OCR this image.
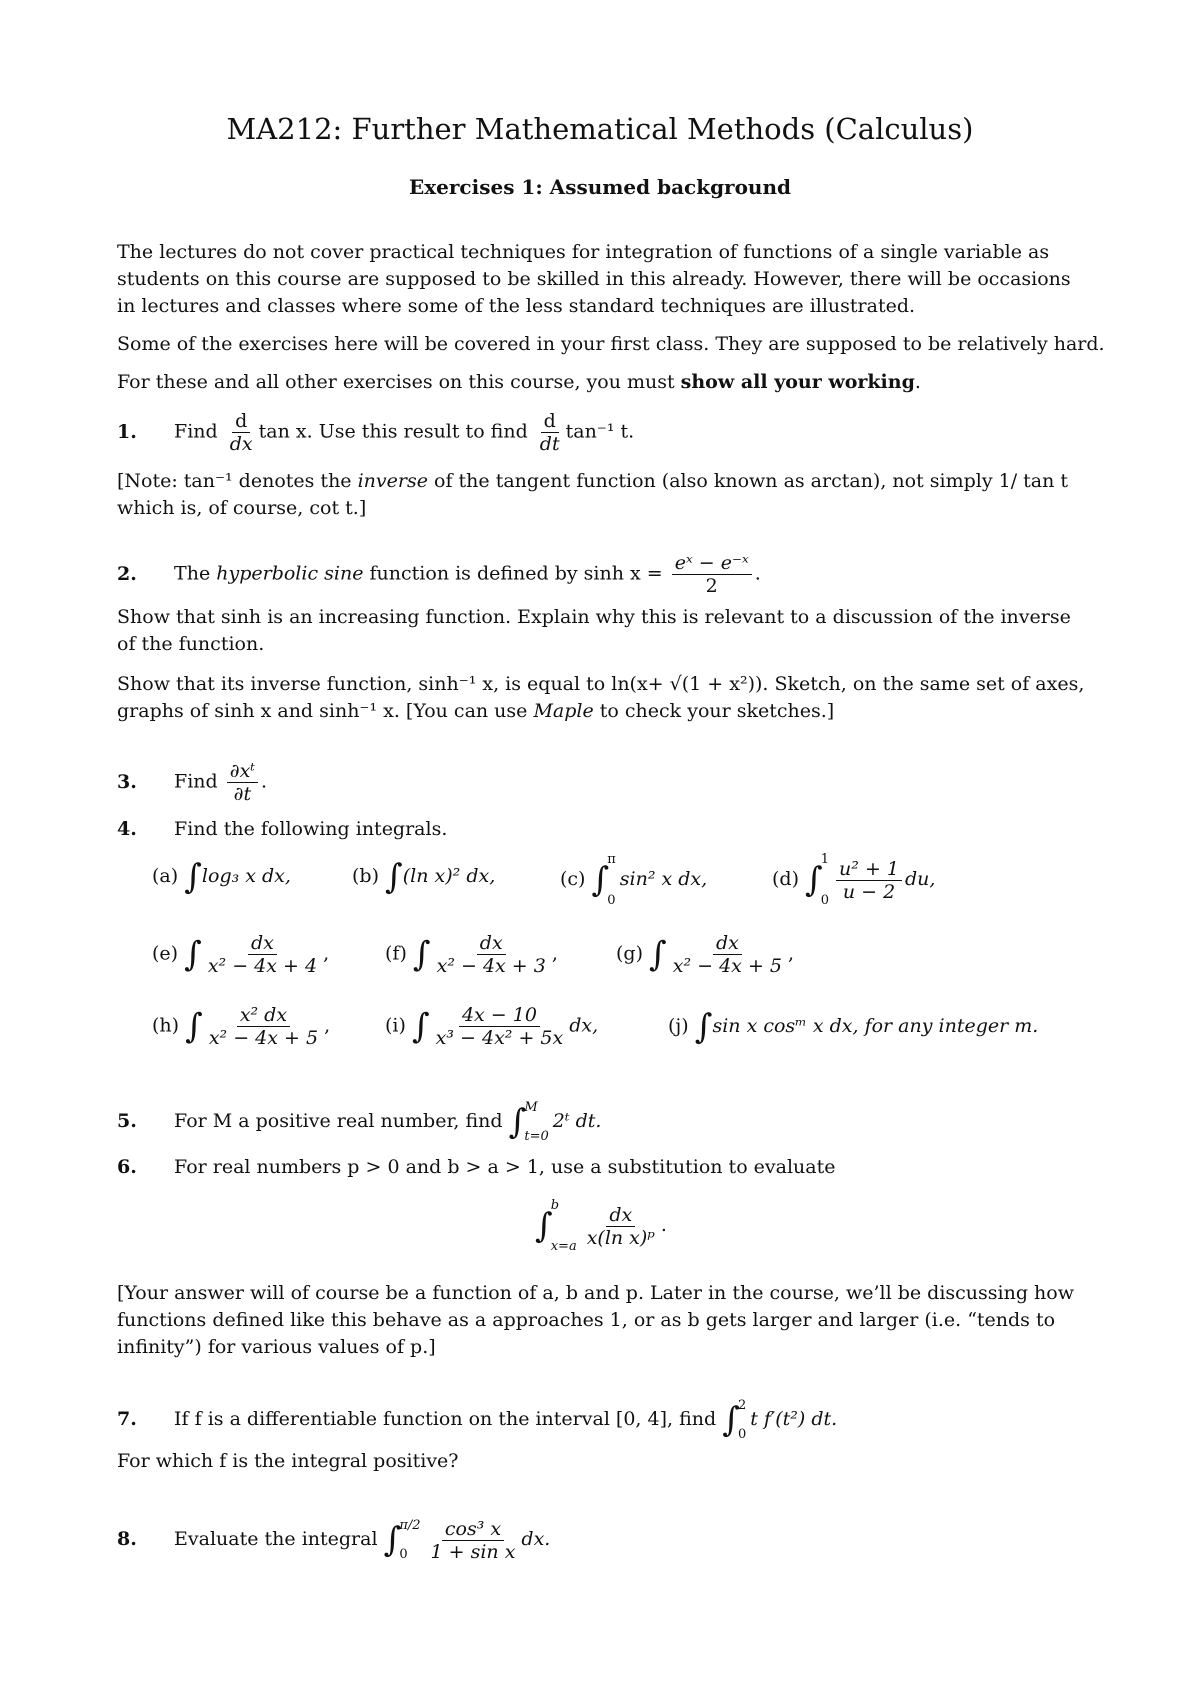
MA212: Further Mathematical Methods (Calculus)
Exercises 1: Assumed background
The lectures do not cover practical techniques for integration of functions of a single variable as
students on this course are supposed to be skilled in this already. However, there will be occasions
in lectures and classes where some of the less standard techniques are illustrated.
Some of the exercises here will be covered in your first class. They are supposed to be relatively hard.
For these and all other exercises on this course, you must show all your working.
1. Find $\frac{d}{dx}$ tan x. Use this result to find $\frac{d}{dt} \tan^{-1}$ t.
[Note: tan⁻¹ denotes the inverse of the tangent function (also known as arctan), not simply 1/ tan t
which is, of course, cot t.]
2. The hyperbolic sine function is defined by $\sinh x = \frac{\text{eˣ − e⁻ˣ}}{2}$ .
Show that sinh is an increasing function. Explain why this is relevant to a discussion of the inverse
of the function.
Show that its inverse function, sinh⁻¹ x, is equal to ln(x+ √(1 + x²)). Sketch, on the same set of axes,
graphs of sinh x and sinh⁻¹ x. [You can use Maple to check your sketches.]
3. Find $\frac{\text{∂xᵗ}}{\partial t}$ .
4. Find the following integrals.
(a) ∫log₃ x dx,	(b) ∫(ln x)² dx,	(c) ∫
π
0
sin² x dx,	(d) ∫
1
$0 \frac{\text{u² + 1}}{u - 2}$ du,
(e) ∫ $\frac{dx}{\text{x² − 4x + 4}}$ ,	(f) ∫ $\frac{dx}{\text{x² − 4x + 3}}$ ,	(g) ∫ $\frac{dx}{\text{x² − 4x + 5}}$ ,
(h) ∫ $\frac{\text{x² dx}}{\text{x² − 4x + 5}}$ ,	(i) ∫ $\frac{4x - 10}{\text{x³ − 4x² + 5x}}$ dx,	(j) ∫sin x cosᵐ x dx, for any integer m.
5. For M a positive real number, find ∫
M
t=0
2ᵗ dt.
6. For real numbers p > 0 and b > a > 1, use a substitution to evaluate
∫
b
$x=a \frac{dx}{\text{x(ln x)ᵖ}}$ .
[Your answer will of course be a function of a, b and p. Later in the course, we’ll be discussing how
functions defined like this behave as a approaches 1, or as b gets larger and larger (i.e. “tends to
infinity”) for various values of p.]
7. If f is a differentiable function on the interval [0, 4], find ∫
2
0
t f′(t²) dt.
For which f is the integral positive?
8. Evaluate the integral ∫
π/2
0	$\frac{\text{cos³ x}}{\text{1 + sin x}}$ dx.
